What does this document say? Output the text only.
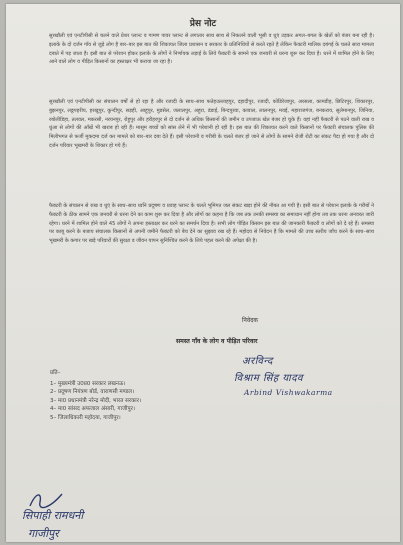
प्रेस नोट

सुरखौली एवं एनटीपीसी से चलने वाले प्रेशर प्लान्ट व गामण पावर प्लान्ट से लगातार साथ साथ से निकलने वाली भूसी व धुएं उड़कर अगल–बगल के खेतों को बंजर बना रही है। इलाके के दो दर्जन गाँव से जुड़े लोग है बार–बार इस बात की शिकायत जिला प्रशासन व सरकार के प्रतिनिधियों से करते रहते है लेकिन फैक्टरी मालिक दबंगई के चलते सारा मामला दबाते में पड़ जाता है। इसी बात से परेशान होकर इलाके के लोगों ने निर्णायक लड़ाई के लिये फैक्टरी के सामने एक जनवरी से धरना शुरू कर दिया है। धरने में शामिल होने के लिए आने वाले लोग व पीड़ित किसानों का हस्ताक्षर भी कराया जा रहा है।

सुरखौली एवं एनटीपीसी का संचालन वर्षों से हो रहा है और रजादी के साथ–साथ फतेहउल्लाहपुर, दहादीपुर, रजादी, कोडिरेजापुर, अरसला, कामडीह, छिटिरपुर, शिकारपुर, बुझनपुर, लठ्ठपहरीय, हरखुपुर, कुन्दीपुर, सड़ही, आहूपुर, मुडसेल, जलालपुर, अहुरा, डंडाई, बिन्दपुरवा, कावाल, लालनपुर, मवई, महाराजगंज, बनकराय, सुलेमानपुर, जिनिया, रबोलीडिहा, तलवल, मकरसी, नरयनपुर, रोहुपुर और हरीहरपुर से दो दर्जन से अधिक किसानों की जमीन व उपजाऊ खेत बंजर हो चुके हैं। वहां नहीं फैक्टरी से पठने वाली राख व धुंआ से लोगों की आँखें भी खराब हो रही हैं। मासूम बच्चों को सांस लेने में भी परेशानी हो रही है। इस बात की शिकायत करने वाले किसानों पर फैक्टरी संचालक पुलिस की मिलीभगत से फर्जी मुकदमा दर्ज कर मामले को बार–बार दबा देते हैं। इसी परेशानी व गरीबी के चलते बंजर हो जाने से लोगों के सामने रोजी रोटी का संकट पैदा हो गया है और दो दर्जन परिवार भूखमरी के शिकार हो गये हैं।

फैक्टरी के संचालन से राख व धुएं के साथ–साथ ध्वनि प्रदूषण व प्रवाह प्लान्ट के चलते भूमिगत जल संकट खड़ा होने की नौबत आ गयी है। इसी बात से परेशान इलाके के गरीबों ने फैक्टरी के ठीक सामने एक जनवरी से धरना देने का काम शुरू कर दिया है और लोगों का कहना है कि जब तक उनकी समस्या का समाधान नहीं होगा तब तक धरना अनवरत जारी रहेगा। धरने में शामिल होने वाले 45 लोगों ने अपना हस्ताक्षर कर धरने का समर्थन दिया है। सभी लोग पीड़ित किसान इस बात की जानकारी फैक्टरी व लोगों को दे रहे हैं। समस्या पर काबू करने के बजाय संचालक किसानों से अपनी जमीने फैक्टरी को बेच देने का सुझाव रख रहे हैं। महोदय से निवेदन है कि मामले की उच्च स्तरीय जाँच करने के साथ–साथ भूखमरी के कगार पर खड़े परिवारों की सुरक्षा व जीवन यापन सुनिश्चित करने के लिये पहल करने की अपेक्षा की है।

निवेदक
समस्त गाँव के लोग व पीड़ित परिवार
अरविन्द
विश्राम सिंह यादव
Arbind Vishwakarma
प्रति–
1– मुख्यमंत्री उ0प्र0 सरकार लखनऊ।
2– प्रदूषण नियंत्रण बोर्ड, वाराणसी मण्डल।
3– मा0 प्रधानमंत्री नरेन्द्र मोदी, भारत सरकार।
4– मा0 सांसद अफजाल अंसारी, गाजीपुर।
5– जिलाधिकारी महोदया, गाजीपुर।
सिपाही रामधनी
गाजीपुर
